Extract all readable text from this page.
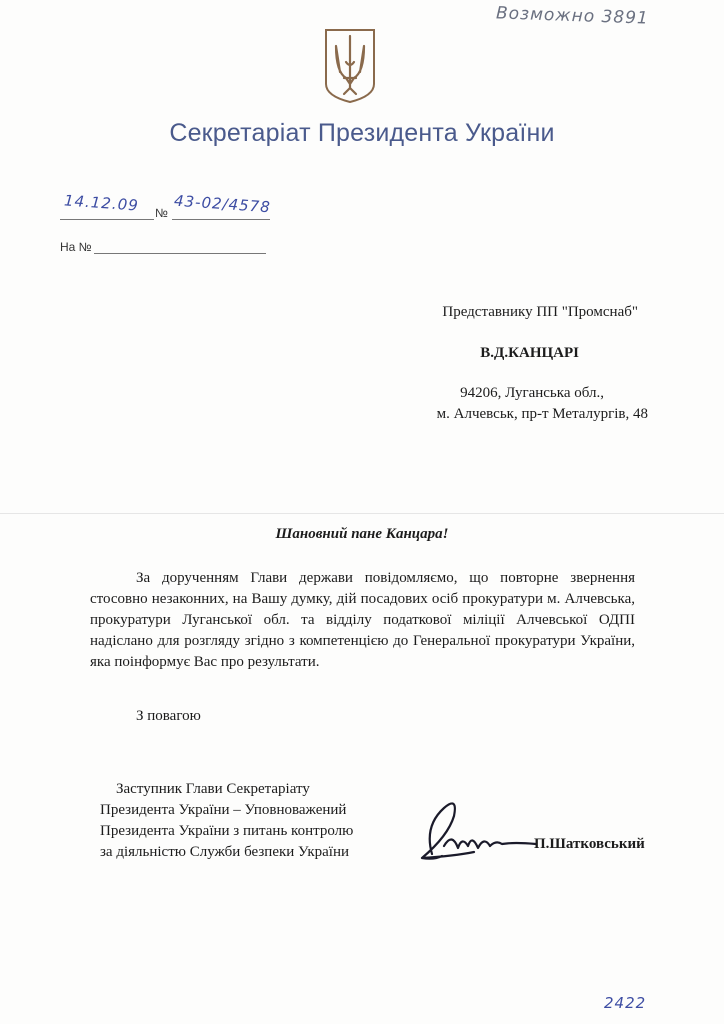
Возможно 3891
Секретаріат Президента України
14.12.09 № 43-02/4578
На №
Представнику ПП "Промснаб"
В.Д.КАНЦАРІ
94206, Луганська обл.,
м. Алчевськ, пр-т Металургів, 48
Шановний пане Канцара!
За дорученням Глави держави повідомляємо, що повторне звернення стосовно незаконних, на Вашу думку, дій посадових осіб прокуратури м. Алчевська, прокуратури Луганської обл. та відділу податкової міліції Алчевської ОДПІ надіслано для розгляду згідно з компетенцією до Генеральної прокуратури України, яка поінформує Вас про результати.
З повагою
Заступник Глави Секретаріату
Президента України – Уповноважений
Президента України з питань контролю
за діяльністю Служби безпеки України	П.Шатковський
2422
